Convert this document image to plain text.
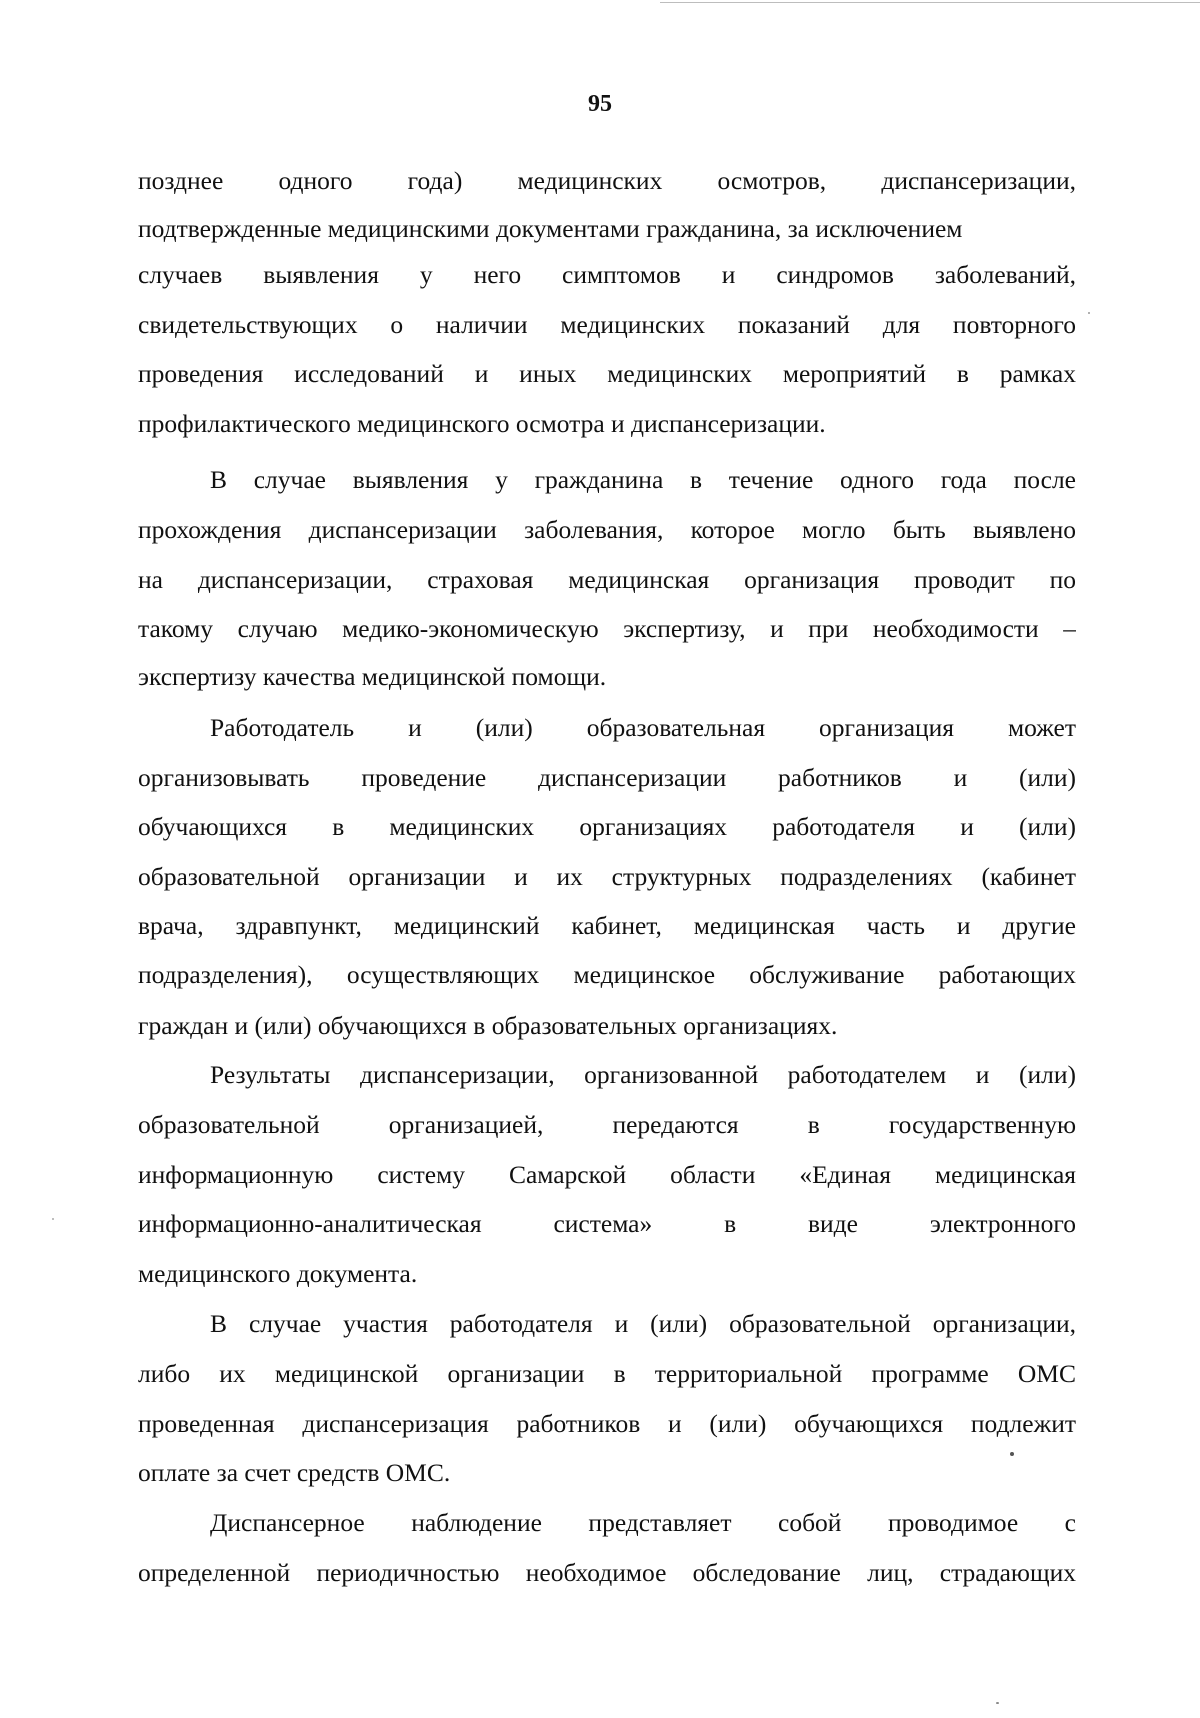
95
позднее одного года) медицинских осмотров, диспансеризации,
подтвержденные медицинскими документами гражданина, за исключением
случаев выявления у него симптомов и синдромов заболеваний,
свидетельствующих о наличии медицинских показаний для повторного
проведения исследований и иных медицинских мероприятий в рамках
профилактического медицинского осмотра и диспансеризации.
В случае выявления у гражданина в течение одного года после
прохождения диспансеризации заболевания, которое могло быть выявлено
на диспансеризации, страховая медицинская организация проводит по
такому случаю медико-экономическую экспертизу, и при необходимости –
экспертизу качества медицинской помощи.
Работодатель и (или) образовательная организация может
организовывать проведение диспансеризации работников и (или)
обучающихся в медицинских организациях работодателя и (или)
образовательной организации и их структурных подразделениях (кабинет
врача, здравпункт, медицинский кабинет, медицинская часть и другие
подразделения), осуществляющих медицинское обслуживание работающих
граждан и (или) обучающихся в образовательных организациях.
Результаты диспансеризации, организованной работодателем и (или)
образовательной организацией, передаются в государственную
информационную систему Самарской области «Единая медицинская
информационно-аналитическая система» в виде электронного
медицинского документа.
В случае участия работодателя и (или) образовательной организации,
либо их медицинской организации в территориальной программе ОМС
проведенная диспансеризация работников и (или) обучающихся подлежит
оплате за счет средств ОМС.
Диспансерное наблюдение представляет собой проводимое с
определенной периодичностью необходимое обследование лиц, страдающих
